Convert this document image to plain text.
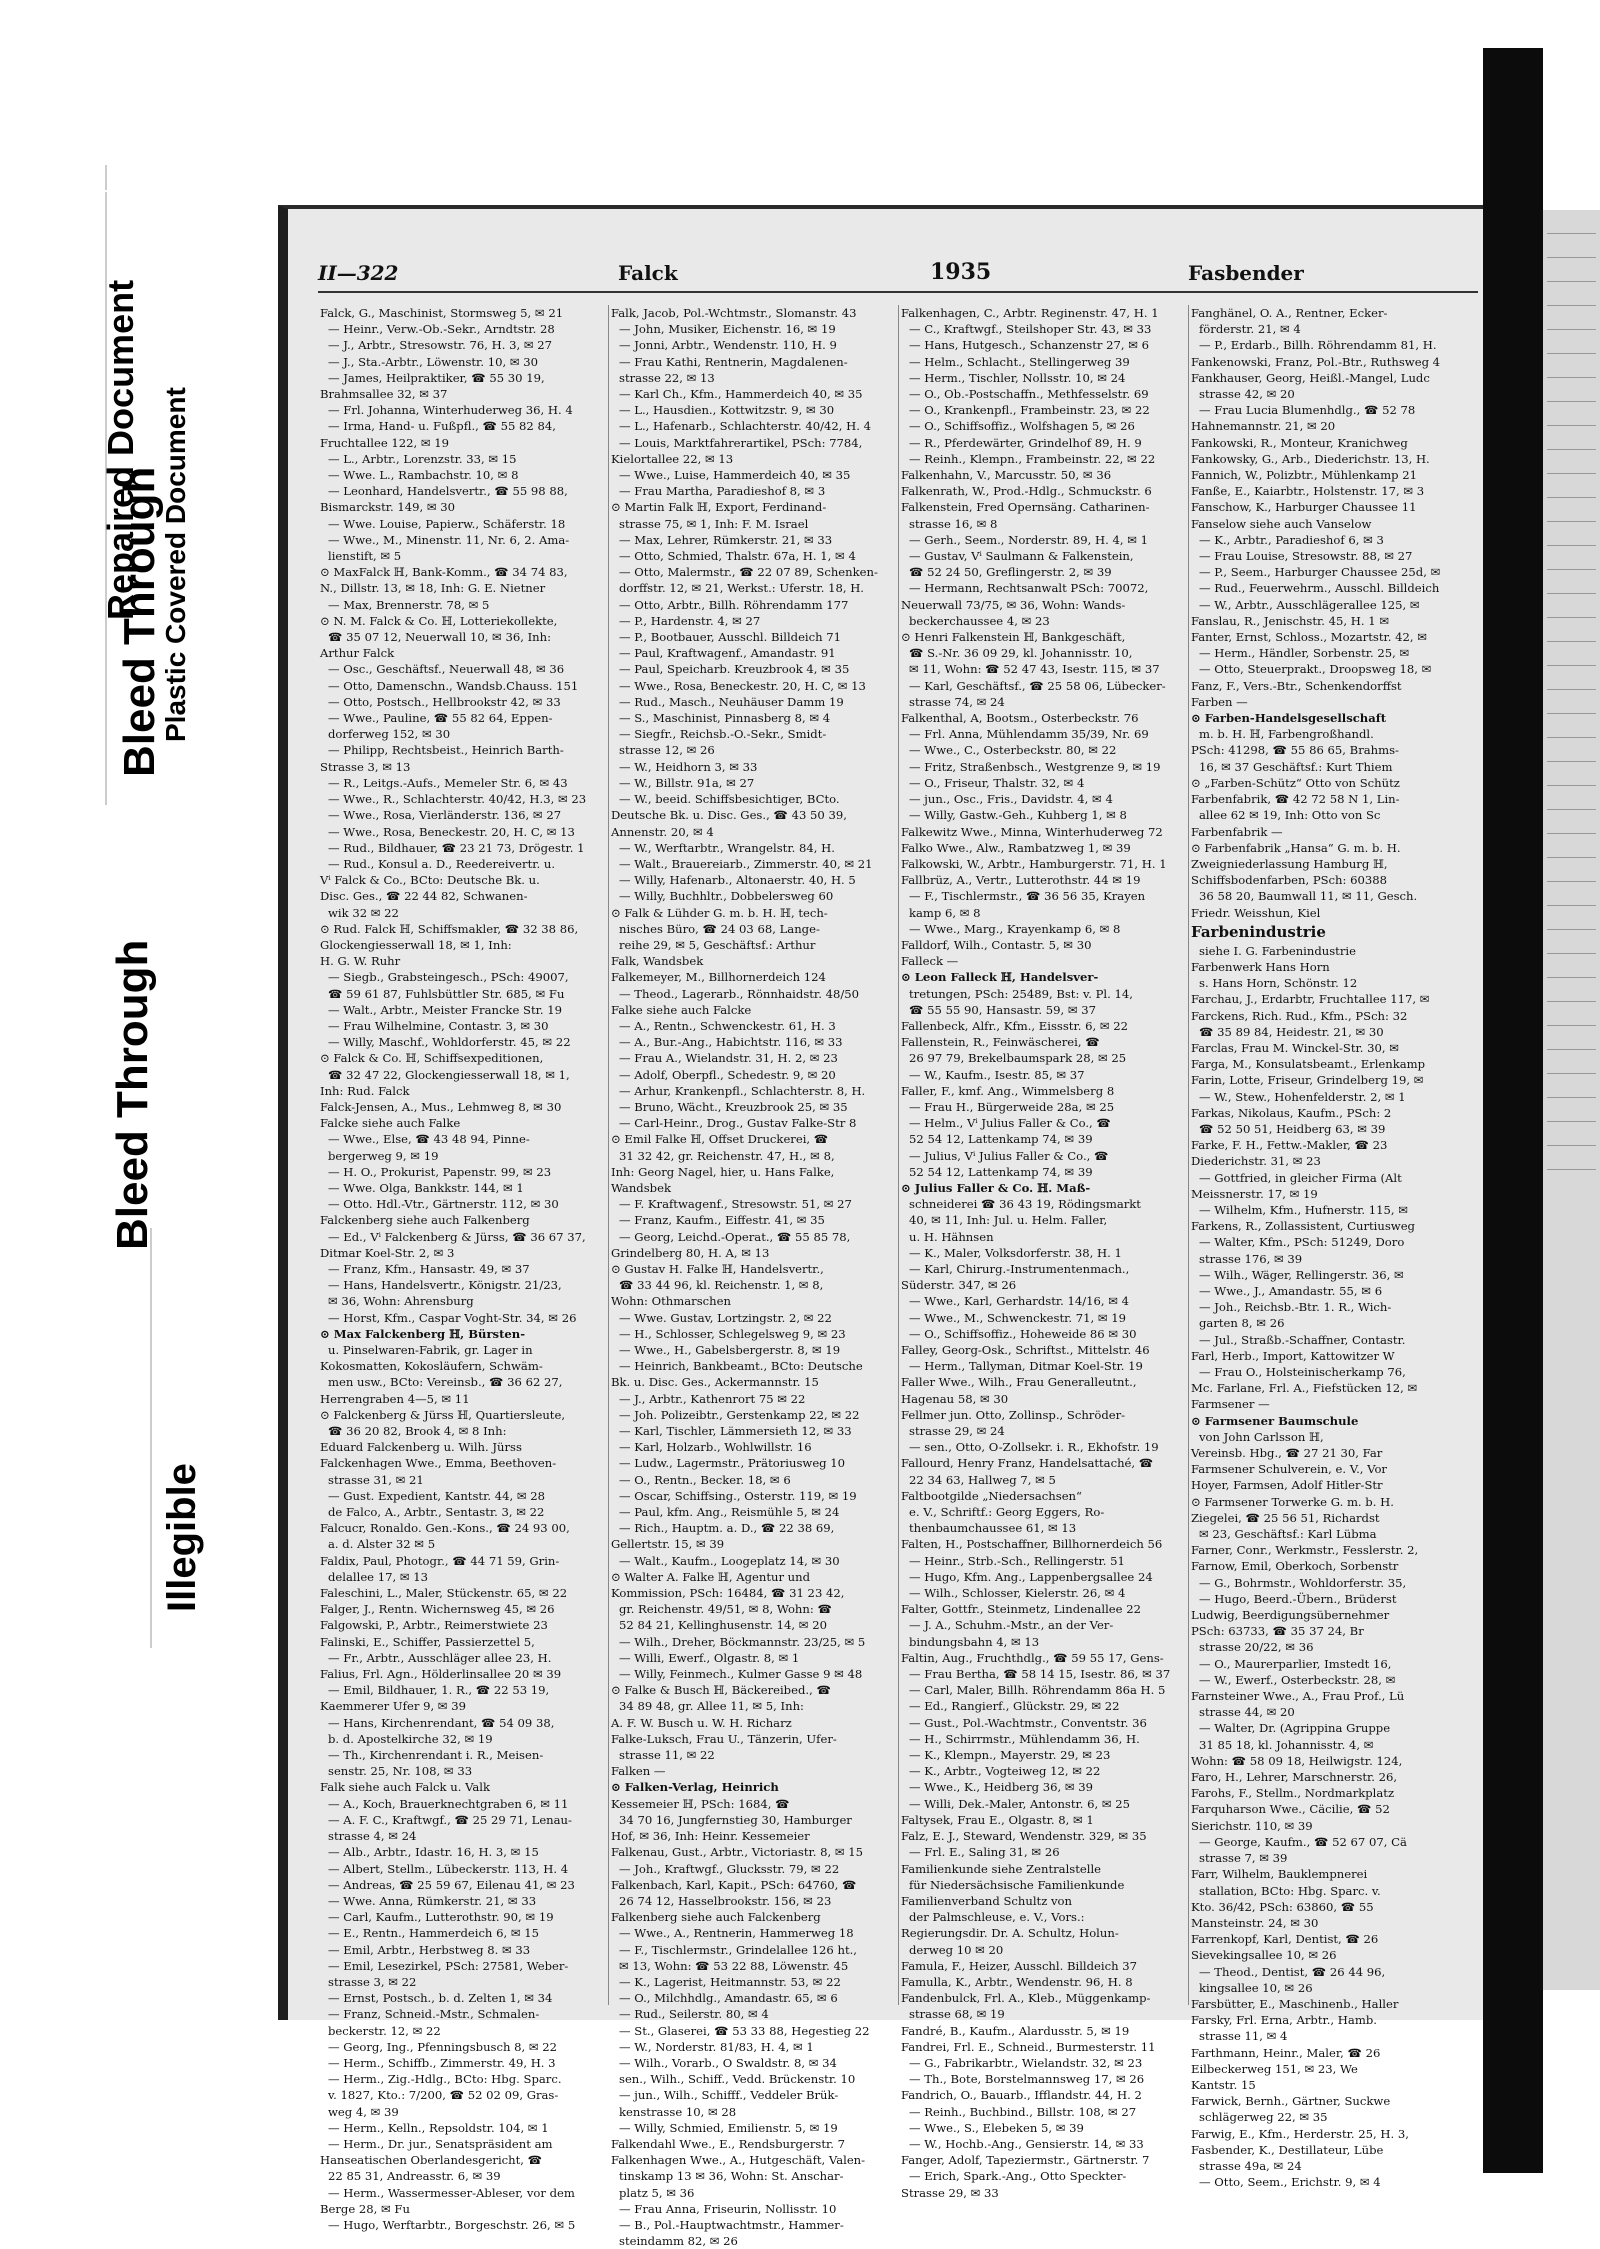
Bleed Through
Repaired Document Plastic Covered Document
Bleed Through
Illegible
II—322	Falck	1935	Fasbender
Falck, G., Maschinist, Stormsweg 5, ✉ 21
— Heinr., Verw.-Ob.-Sekr., Arndtstr. 28
— J., Arbtr., Stresowstr. 76, H. 3, ✉ 27
— J., Sta.-Arbtr., Löwenstr. 10, ✉ 30
— James, Heilpraktiker, ☎ 55 30 19,
Brahmsallee 32, ✉ 37
— Frl. Johanna, Winterhuderweg 36, H. 4
— Irma, Hand- u. Fußpfl., ☎ 55 82 84,
Fruchtallee 122, ✉ 19
— L., Arbtr., Lorenzstr. 33, ✉ 15
— Wwe. L., Rambachstr. 10, ✉ 8
— Leonhard, Handelsvertr., ☎ 55 98 88,
Bismarckstr. 149, ✉ 30
— Wwe. Louise, Papierw., Schäferstr. 18
— Wwe., M., Minenstr. 11, Nr. 6, 2. Ama-
lienstift, ✉ 5
⊙ MaxFalck ℍ, Bank-Komm., ☎ 34 74 83,
N., Dillstr. 13, ✉ 18, Inh: G. E. Nietner
— Max, Brennerstr. 78, ✉ 5
⊙ N. M. Falck & Co. ℍ, Lotteriekollekte,
☎ 35 07 12, Neuerwall 10, ✉ 36, Inh:
Arthur Falck
— Osc., Geschäftsf., Neuerwall 48, ✉ 36
— Otto, Damenschn., Wandsb.Chauss. 151
— Otto, Postsch., Hellbrookstr 42, ✉ 33
— Wwe., Pauline, ☎ 55 82 64, Eppen-
dorferweg 152, ✉ 30
— Philipp, Rechtsbeist., Heinrich Barth-
Strasse 3, ✉ 13
— R., Leitgs.-Aufs., Memeler Str. 6, ✉ 43
— Wwe., R., Schlachterstr. 40/42, H.3, ✉ 23
— Wwe., Rosa, Vierländerstr. 136, ✉ 27
— Wwe., Rosa, Beneckestr. 20, H. C, ✉ 13
— Rud., Bildhauer, ☎ 23 21 73, Drögestr. 1
— Rud., Konsul a. D., Reedereivertr. u.
Vⁱ Falck & Co., BCto: Deutsche Bk. u.
Disc. Ges., ☎ 22 44 82, Schwanen-
wik 32 ✉ 22
⊙ Rud. Falck ℍ, Schiffsmakler, ☎ 32 38 86,
Glockengiesserwall 18, ✉ 1, Inh:
H. G. W. Ruhr
— Siegb., Grabsteingesch., PSch: 49007,
☎ 59 61 87, Fuhlsbüttler Str. 685, ✉ Fu
— Walt., Arbtr., Meister Francke Str. 19
— Frau Wilhelmine, Contastr. 3, ✉ 30
— Willy, Maschf., Wohldorferstr. 45, ✉ 22
⊙ Falck & Co. ℍ, Schiffsexpeditionen,
☎ 32 47 22, Glockengiesserwall 18, ✉ 1,
Inh: Rud. Falck
Falck-Jensen, A., Mus., Lehmweg 8, ✉ 30
Falcke siehe auch Falke
— Wwe., Else, ☎ 43 48 94, Pinne-
bergerweg 9, ✉ 19
— H. O., Prokurist, Papenstr. 99, ✉ 23
— Wwe. Olga, Bankkstr. 144, ✉ 1
— Otto. Hdl.-Vtr., Gärtnerstr. 112, ✉ 30
Falckenberg siehe auch Falkenberg
— Ed., Vⁱ Falckenberg & Jürss, ☎ 36 67 37,
Ditmar Koel-Str. 2, ✉ 3
— Franz, Kfm., Hansastr. 49, ✉ 37
— Hans, Handelsvertr., Königstr. 21/23,
✉ 36, Wohn: Ahrensburg
— Horst, Kfm., Caspar Voght-Str. 34, ✉ 26
⊙ Max Falckenberg ℍ, Bürsten-
u. Pinselwaren-Fabrik, gr. Lager in
Kokosmatten, Kokosläufern, Schwäm-
men usw., BCto: Vereinsb., ☎ 36 62 27,
Herrengraben 4—5, ✉ 11
⊙ Falckenberg & Jürss ℍ, Quartiersleute,
☎ 36 20 82, Brook 4, ✉ 8 Inh:
Eduard Falckenberg u. Wilh. Jürss
Falckenhagen Wwe., Emma, Beethoven-
strasse 31, ✉ 21
— Gust. Expedient, Kantstr. 44, ✉ 28
de Falco, A., Arbtr., Sentastr. 3, ✉ 22
Falcucr, Ronaldo. Gen.-Kons., ☎ 24 93 00,
a. d. Alster 32 ✉ 5
Faldix, Paul, Photogr., ☎ 44 71 59, Grin-
delallee 17, ✉ 13
Faleschini, L., Maler, Stückenstr. 65, ✉ 22
Falger, J., Rentn. Wichernsweg 45, ✉ 26
Falgowski, P., Arbtr., Reimerstwiete 23
Falinski, E., Schiffer, Passierzettel 5,
— Fr., Arbtr., Ausschläger allee 23, H.
Falius, Frl. Agn., Hölderlinsallee 20 ✉ 39
— Emil, Bildhauer, 1. R., ☎ 22 53 19,
Kaemmerer Ufer 9, ✉ 39
— Hans, Kirchenrendant, ☎ 54 09 38,
b. d. Apostelkirche 32, ✉ 19
— Th., Kirchenrendant i. R., Meisen-
senstr. 25, Nr. 108, ✉ 33
Falk siehe auch Falck u. Valk
— A., Koch, Brauerknechtgraben 6, ✉ 11
— A. F. C., Kraftwgf., ☎ 25 29 71, Lenau-
strasse 4, ✉ 24
— Alb., Arbtr., Idastr. 16, H. 3, ✉ 15
— Albert, Stellm., Lübeckerstr. 113, H. 4
— Andreas, ☎ 25 59 67, Eilenau 41, ✉ 23
— Wwe. Anna, Rümkerstr. 21, ✉ 33
— Carl, Kaufm., Lutterothstr. 90, ✉ 19
— E., Rentn., Hammerdeich 6, ✉ 15
— Emil, Arbtr., Herbstweg 8. ✉ 33
— Emil, Lesezirkel, PSch: 27581, Weber-
strasse 3, ✉ 22
— Ernst, Postsch., b. d. Zelten 1, ✉ 34
— Franz, Schneid.-Mstr., Schmalen-
beckerstr. 12, ✉ 22
— Georg, Ing., Pfenningsbusch 8, ✉ 22
— Herm., Schiffb., Zimmerstr. 49, H. 3
— Herm., Zig.-Hdlg., BCto: Hbg. Sparc.
v. 1827, Kto.: 7/200, ☎ 52 02 09, Gras-
weg 4, ✉ 39
— Herm., Kelln., Repsoldstr. 104, ✉ 1
— Herm., Dr. jur., Senatspräsident am
Hanseatischen Oberlandesgericht, ☎
22 85 31, Andreasstr. 6, ✉ 39
— Herm., Wassermesser-Ableser, vor dem
Berge 28, ✉ Fu
— Hugo, Werftarbtr., Borgeschstr. 26, ✉ 5
Falk, Jacob, Pol.-Wchtmstr., Slomanstr. 43
— John, Musiker, Eichenstr. 16, ✉ 19
— Jonni, Arbtr., Wendenstr. 110, H. 9
— Frau Kathi, Rentnerin, Magdalenen-
strasse 22, ✉ 13
— Karl Ch., Kfm., Hammerdeich 40, ✉ 35
— L., Hausdien., Kottwitzstr. 9, ✉ 30
— L., Hafenarb., Schlachterstr. 40/42, H. 4
— Louis, Marktfahrerartikel, PSch: 7784,
Kielortallee 22, ✉ 13
— Wwe., Luise, Hammerdeich 40, ✉ 35
— Frau Martha, Paradieshof 8, ✉ 3
⊙ Martin Falk ℍ, Export, Ferdinand-
strasse 75, ✉ 1, Inh: F. M. Israel
— Max, Lehrer, Rümkerstr. 21, ✉ 33
— Otto, Schmied, Thalstr. 67a, H. 1, ✉ 4
— Otto, Malermstr., ☎ 22 07 89, Schenken-
dorffstr. 12, ✉ 21, Werkst.: Uferstr. 18, H.
— Otto, Arbtr., Billh. Röhrendamm 177
— P., Hardenstr. 4, ✉ 27
— P., Bootbauer, Ausschl. Billdeich 71
— Paul, Kraftwagenf., Amandastr. 91
— Paul, Speicharb. Kreuzbrook 4, ✉ 35
— Wwe., Rosa, Beneckestr. 20, H. C, ✉ 13
— Rud., Masch., Neuhäuser Damm 19
— S., Maschinist, Pinnasberg 8, ✉ 4
— Siegfr., Reichsb.-O.-Sekr., Smidt-
strasse 12, ✉ 26
— W., Heidhorn 3, ✉ 33
— W., Billstr. 91a, ✉ 27
— W., beeid. Schiffsbesichtiger, BCto.
Deutsche Bk. u. Disc. Ges., ☎ 43 50 39,
Annenstr. 20, ✉ 4
— W., Werftarbtr., Wrangelstr. 84, H.
— Walt., Brauereiarb., Zimmerstr. 40, ✉ 21
— Willy, Hafenarb., Altonaerstr. 40, H. 5
— Willy, Buchhltr., Dobbelersweg 60
⊙ Falk & Lühder G. m. b. H. ℍ, tech-
nisches Büro, ☎ 24 03 68, Lange-
reihe 29, ✉ 5, Geschäftsf.: Arthur
Falk, Wandsbek
Falkemeyer, M., Billhornerdeich 124
— Theod., Lagerarb., Rönnhaidstr. 48/50
Falke siehe auch Falcke
— A., Rentn., Schwenckestr. 61, H. 3
— A., Bur.-Ang., Habichtstr. 116, ✉ 33
— Frau A., Wielandstr. 31, H. 2, ✉ 23
— Adolf, Oberpfl., Schedestr. 9, ✉ 20
— Arhur, Krankenpfl., Schlachterstr. 8, H.
— Bruno, Wächt., Kreuzbrook 25, ✉ 35
— Carl-Heinr., Drog., Gustav Falke-Str 8
⊙ Emil Falke ℍ, Offset Druckerei, ☎
31 32 42, gr. Reichenstr. 47, H., ✉ 8,
Inh: Georg Nagel, hier, u. Hans Falke,
Wandsbek
— F. Kraftwagenf., Stresowstr. 51, ✉ 27
— Franz, Kaufm., Eiffestr. 41, ✉ 35
— Georg, Leichd.-Operat., ☎ 55 85 78,
Grindelberg 80, H. A, ✉ 13
⊙ Gustav H. Falke ℍ, Handelsvertr.,
☎ 33 44 96, kl. Reichenstr. 1, ✉ 8,
Wohn: Othmarschen
— Wwe. Gustav, Lortzingstr. 2, ✉ 22
— H., Schlosser, Schlegelsweg 9, ✉ 23
— Wwe., H., Gabelsbergerstr. 8, ✉ 19
— Heinrich, Bankbeamt., BCto: Deutsche
Bk. u. Disc. Ges., Ackermannstr. 15
— J., Arbtr., Kathenrort 75 ✉ 22
— Joh. Polizeibtr., Gerstenkamp 22, ✉ 22
— Karl, Tischler, Lämmersieth 12, ✉ 33
— Karl, Holzarb., Wohlwillstr. 16
— Ludw., Lagermstr., Prätoriusweg 10
— O., Rentn., Becker. 18, ✉ 6
— Oscar, Schiffsing., Osterstr. 119, ✉ 19
— Paul, kfm. Ang., Reismühle 5, ✉ 24
— Rich., Hauptm. a. D., ☎ 22 38 69,
Gellertstr. 15, ✉ 39
— Walt., Kaufm., Loogeplatz 14, ✉ 30
⊙ Walter A. Falke ℍ, Agentur und
Kommission, PSch: 16484, ☎ 31 23 42,
gr. Reichenstr. 49/51, ✉ 8, Wohn: ☎
52 84 21, Kellinghusenstr. 14, ✉ 20
— Wilh., Dreher, Böckmannstr. 23/25, ✉ 5
— Willi, Ewerf., Olgastr. 8, ✉ 1
— Willy, Feinmech., Kulmer Gasse 9 ✉ 48
⊙ Falke & Busch ℍ, Bäckereibed., ☎
34 89 48, gr. Allee 11, ✉ 5, Inh:
A. F. W. Busch u. W. H. Richarz
Falke-Luksch, Frau U., Tänzerin, Ufer-
strasse 11, ✉ 22
Falken —
⊙ Falken-Verlag, Heinrich
Kessemeier ℍ, PSch: 1684, ☎
34 70 16, Jungfernstieg 30, Hamburger
Hof, ✉ 36, Inh: Heinr. Kessemeier
Falkenau, Gust., Arbtr., Victoriastr. 8, ✉ 15
— Joh., Kraftwgf., Glucksstr. 79, ✉ 22
Falkenbach, Karl, Kapit., PSch: 64760, ☎
26 74 12, Hasselbrookstr. 156, ✉ 23
Falkenberg siehe auch Falckenberg
— Wwe., A., Rentnerin, Hammerweg 18
— F., Tischlermstr., Grindelallee 126 ht.,
✉ 13, Wohn: ☎ 53 22 88, Löwenstr. 45
— K., Lagerist, Heitmannstr. 53, ✉ 22
— O., Milchhdlg., Amandastr. 65, ✉ 6
— Rud., Seilerstr. 80, ✉ 4
— St., Glaserei, ☎ 53 33 88, Hegestieg 22
— W., Norderstr. 81/83, H. 4, ✉ 1
— Wilh., Vorarb., O Swaldstr. 8, ✉ 34
sen., Wilh., Schiff., Vedd. Brückenstr. 10
— jun., Wilh., Schifff., Veddeler Brük-
kenstrasse 10, ✉ 28
— Willy, Schmied, Emilienstr. 5, ✉ 19
Falkendahl Wwe., E., Rendsburgerstr. 7
Falkenhagen Wwe., A., Hutgeschäft, Valen-
tinskamp 13 ✉ 36, Wohn: St. Anschar-
platz 5, ✉ 36
— Frau Anna, Friseurin, Nollisstr. 10
— B., Pol.-Hauptwachtmstr., Hammer-
steindamm 82, ✉ 26
Falkenhagen, C., Arbtr. Reginenstr. 47, H. 1
— C., Kraftwgf., Steilshoper Str. 43, ✉ 33
— Hans, Hutgesch., Schanzenstr 27, ✉ 6
— Helm., Schlacht., Stellingerweg 39
— Herm., Tischler, Nollsstr. 10, ✉ 24
— O., Ob.-Postschaffn., Methfesselstr. 69
— O., Krankenpfl., Frambeinstr. 23, ✉ 22
— O., Schiffsoffiz., Wolfshagen 5, ✉ 26
— R., Pferdewärter, Grindelhof 89, H. 9
— Reinh., Klempn., Frambeinstr. 22, ✉ 22
Falkenhahn, V., Marcusstr. 50, ✉ 36
Falkenrath, W., Prod.-Hdlg., Schmuckstr. 6
Falkenstein, Fred Opernsäng. Catharinen-
strasse 16, ✉ 8
— Gerh., Seem., Norderstr. 89, H. 4, ✉ 1
— Gustav, Vⁱ Saulmann & Falkenstein,
☎ 52 24 50, Greflingerstr. 2, ✉ 39
— Hermann, Rechtsanwalt PSch: 70072,
Neuerwall 73/75, ✉ 36, Wohn: Wands-
beckerchaussee 4, ✉ 23
⊙ Henri Falkenstein ℍ, Bankgeschäft,
☎ S.-Nr. 36 09 29, kl. Johannisstr. 10,
✉ 11, Wohn: ☎ 52 47 43, Isestr. 115, ✉ 37
— Karl, Geschäftsf., ☎ 25 58 06, Lübecker-
strasse 74, ✉ 24
Falkenthal, A, Bootsm., Osterbeckstr. 76
— Frl. Anna, Mühlendamm 35/39, Nr. 69
— Wwe., C., Osterbeckstr. 80, ✉ 22
— Fritz, Straßenbsch., Westgrenze 9, ✉ 19
— O., Friseur, Thalstr. 32, ✉ 4
— jun., Osc., Fris., Davidstr. 4, ✉ 4
— Willy, Gastw.-Geh., Kuhberg 1, ✉ 8
Falkewitz Wwe., Minna, Winterhuderweg 72
Falko Wwe., Alw., Rambatzweg 1, ✉ 39
Falkowski, W., Arbtr., Hamburgerstr. 71, H. 1
Fallbrüz, A., Vertr., Lutterothstr. 44 ✉ 19
— F., Tischlermstr., ☎ 36 56 35, Krayen
kamp 6, ✉ 8
— Wwe., Marg., Krayenkamp 6, ✉ 8
Falldorf, Wilh., Contastr. 5, ✉ 30
Falleck —
⊙ Leon Falleck ℍ, Handelsver-
tretungen, PSch: 25489, Bst: v. Pl. 14,
☎ 55 55 90, Hansastr. 59, ✉ 37
Fallenbeck, Alfr., Kfm., Eissstr. 6, ✉ 22
Fallenstein, R., Feinwäscherei, ☎
26 97 79, Brekelbaumspark 28, ✉ 25
— W., Kaufm., Isestr. 85, ✉ 37
Faller, F., kmf. Ang., Wimmelsberg 8
— Frau H., Bürgerweide 28a, ✉ 25
— Helm., Vⁱ Julius Faller & Co., ☎
52 54 12, Lattenkamp 74, ✉ 39
— Julius, Vⁱ Julius Faller & Co., ☎
52 54 12, Lattenkamp 74, ✉ 39
⊙ Julius Faller & Co. ℍ. Maß-
schneiderei ☎ 36 43 19, Rödingsmarkt
40, ✉ 11, Inh: Jul. u. Helm. Faller,
u. H. Hähnsen
— K., Maler, Volksdorferstr. 38, H. 1
— Karl, Chirurg.-Instrumentenmach.,
Süderstr. 347, ✉ 26
— Wwe., Karl, Gerhardstr. 14/16, ✉ 4
— Wwe., M., Schwenckestr. 71, ✉ 19
— O., Schiffsoffiz., Hoheweide 86 ✉ 30
Falley, Georg-Osk., Schriftst., Mittelstr. 46
— Herm., Tallyman, Ditmar Koel-Str. 19
Faller Wwe., Wilh., Frau Generalleutnt.,
Hagenau 58, ✉ 30
Fellmer jun. Otto, Zollinsp., Schröder-
strasse 29, ✉ 24
— sen., Otto, O-Zollsekr. i. R., Ekhofstr. 19
Fallourd, Henry Franz, Handelsattaché, ☎
22 34 63, Hallweg 7, ✉ 5
Faltbootgilde „Niedersachsen“
e. V., Schriftf.: Georg Eggers, Ro-
thenbaumchaussee 61, ✉ 13
Falten, H., Postschaffner, Billhornerdeich 56
— Heinr., Strb.-Sch., Rellingerstr. 51
— Hugo, Kfm. Ang., Lappenbergsallee 24
— Wilh., Schlosser, Kielerstr. 26, ✉ 4
Falter, Gottfr., Steinmetz, Lindenallee 22
— J. A., Schuhm.-Mstr., an der Ver-
bindungsbahn 4, ✉ 13
Faltin, Aug., Fruchthdlg., ☎ 59 55 17, Gens-
— Frau Bertha, ☎ 58 14 15, Isestr. 86, ✉ 37
— Carl, Maler, Billh. Röhrendamm 86a H. 5
— Ed., Rangierf., Glückstr. 29, ✉ 22
— Gust., Pol.-Wachtmstr., Conventstr. 36
— H., Schirrmstr., Mühlendamm 36, H.
— K., Klempn., Mayerstr. 29, ✉ 23
— K., Arbtr., Vogteiweg 12, ✉ 22
— Wwe., K., Heidberg 36, ✉ 39
— Willi, Dek.-Maler, Antonstr. 6, ✉ 25
Faltysek, Frau E., Olgastr. 8, ✉ 1
Falz, E. J., Steward, Wendenstr. 329, ✉ 35
— Frl. E., Saling 31, ✉ 26
Familienkunde siehe Zentralstelle
für Niedersächsische Familienkunde
Familienverband Schultz von
der Palmschleuse, e. V., Vors.:
Regierungsdir. Dr. A. Schultz, Holun-
derweg 10 ✉ 20
Famula, F., Heizer, Ausschl. Billdeich 37
Famulla, K., Arbtr., Wendenstr. 96, H. 8
Fandenbulck, Frl. A., Kleb., Müggenkamp-
strasse 68, ✉ 19
Fandré, B., Kaufm., Alardusstr. 5, ✉ 19
Fandrei, Frl. E., Schneid., Burmesterstr. 11
— G., Fabrikarbtr., Wielandstr. 32, ✉ 23
— Th., Bote, Borstelmannsweg 17, ✉ 26
Fandrich, O., Bauarb., Ifflandstr. 44, H. 2
— Reinh., Buchbind., Billstr. 108, ✉ 27
— Wwe., S., Elebeken 5, ✉ 39
— W., Hochb.-Ang., Gensierstr. 14, ✉ 33
Fanger, Adolf, Tapeziermstr., Gärtnerstr. 7
— Erich, Spark.-Ang., Otto Speckter-
Strasse 29, ✉ 33
Fanghänel, O. A., Rentner, Ecker-
förderstr. 21, ✉ 4
— P., Erdarb., Billh. Röhrendamm 81, H.
Fankenowski, Franz, Pol.-Btr., Ruthsweg 4
Fankhauser, Georg, Heißl.-Mangel, Ludc
strasse 42, ✉ 20
— Frau Lucia Blumenhdlg., ☎ 52 78
Hahnemannstr. 21, ✉ 20
Fankowski, R., Monteur, Kranichweg
Fankowsky, G., Arb., Diederichstr. 13, H.
Fannich, W., Polizbtr., Mühlenkamp 21
Fanße, E., Kaiarbtr., Holstenstr. 17, ✉ 3
Fanschow, K., Harburger Chaussee 11
Fanselow siehe auch Vanselow
— K., Arbtr., Paradieshof 6, ✉ 3
— Frau Louise, Stresowstr. 88, ✉ 27
— P., Seem., Harburger Chaussee 25d, ✉
— Rud., Feuerwehrm., Ausschl. Billdeich
— W., Arbtr., Ausschlägerallee 125, ✉
Fanslau, R., Jenischstr. 45, H. 1 ✉
Fanter, Ernst, Schloss., Mozartstr. 42, ✉
— Herm., Händler, Sorbenstr. 25, ✉
— Otto, Steuerprakt., Droopsweg 18, ✉
Fanz, F., Vers.-Btr., Schenkendorffst
Farben —
⊙ Farben-Handelsgesellschaft
m. b. H. ℍ, Farbengroßhandl.
PSch: 41298, ☎ 55 86 65, Brahms-
16, ✉ 37 Geschäftsf.: Kurt Thiem
⊙ „Farben-Schütz“ Otto von Schütz
Farbenfabrik, ☎ 42 72 58 N 1, Lin-
allee 62 ✉ 19, Inh: Otto von Sc
Farbenfabrik —
⊙ Farbenfabrik „Hansa“ G. m. b. H.
Zweigniederlassung Hamburg ℍ,
Schiffsbodenfarben, PSch: 60388
36 58 20, Baumwall 11, ✉ 11, Gesch.
Friedr. Weisshun, Kiel
Farbenindustrie
siehe I. G. Farbenindustrie
Farbenwerk Hans Horn
s. Hans Horn, Schönstr. 12
Farchau, J., Erdarbtr, Fruchtallee 117, ✉
Farckens, Rich. Rud., Kfm., PSch: 32
☎ 35 89 84, Heidestr. 21, ✉ 30
Farclas, Frau M. Winckel-Str. 30, ✉
Farga, M., Konsulatsbeamt., Erlenkamp
Farin, Lotte, Friseur, Grindelberg 19, ✉
— W., Stew., Hohenfelderstr. 2, ✉ 1
Farkas, Nikolaus, Kaufm., PSch: 2
☎ 52 50 51, Heidberg 63, ✉ 39
Farke, F. H., Fettw.-Makler, ☎ 23
Diederichstr. 31, ✉ 23
— Gottfried, in gleicher Firma (Alt
Meissnerstr. 17, ✉ 19
— Wilhelm, Kfm., Hufnerstr. 115, ✉
Farkens, R., Zollassistent, Curtiusweg
— Walter, Kfm., PSch: 51249, Doro
strasse 176, ✉ 39
— Wilh., Wäger, Rellingerstr. 36, ✉
— Wwe., J., Amandastr. 55, ✉ 6
— Joh., Reichsb.-Btr. 1. R., Wich-
garten 8, ✉ 26
— Jul., Straßb.-Schaffner, Contastr.
Farl, Herb., Import, Kattowitzer W
— Frau O., Holsteinischerkamp 76,
Mc. Farlane, Frl. A., Fiefstücken 12, ✉
Farmsener —
⊙ Farmsener Baumschule
von John Carlsson ℍ,
Vereinsb. Hbg., ☎ 27 21 30, Far
Farmsener Schulverein, e. V., Vor
Hoyer, Farmsen, Adolf Hitler-Str
⊙ Farmsener Torwerke G. m. b. H.
Ziegelei, ☎ 25 56 51, Richardst
✉ 23, Geschäftsf.: Karl Lübma
Farner, Conr., Werkmstr., Fesslerstr. 2,
Farnow, Emil, Oberkoch, Sorbenstr
— G., Bohrmstr., Wohldorferstr. 35,
— Hugo, Beerd.-Übern., Brüderst
Ludwig, Beerdigungsübernehmer
PSch: 63733, ☎ 35 37 24, Br
strasse 20/22, ✉ 36
— O., Maurerparlier, Imstedt 16,
— W., Ewerf., Osterbeckstr. 28, ✉
Farnsteiner Wwe., A., Frau Prof., Lü
strasse 44, ✉ 20
— Walter, Dr. (Agrippina Gruppe
31 85 18, kl. Johannisstr. 4, ✉
Wohn: ☎ 58 09 18, Heilwigstr. 124,
Faro, H., Lehrer, Marschnerstr. 26,
Farohs, F., Stellm., Nordmarkplatz
Farquharson Wwe., Cäcilie, ☎ 52
Sierichstr. 110, ✉ 39
— George, Kaufm., ☎ 52 67 07, Cä
strasse 7, ✉ 39
Farr, Wilhelm, Bauklempnerei
stallation, BCto: Hbg. Sparc. v.
Kto. 36/42, PSch: 63860, ☎ 55
Mansteinstr. 24, ✉ 30
Farrenkopf, Karl, Dentist, ☎ 26
Sievekingsallee 10, ✉ 26
— Theod., Dentist, ☎ 26 44 96,
kingsallee 10, ✉ 26
Farsbütter, E., Maschinenb., Haller
Farsky, Frl. Erna, Arbtr., Hamb.
strasse 11, ✉ 4
Farthmann, Heinr., Maler, ☎ 26
Eilbeckerweg 151, ✉ 23, We
Kantstr. 15
Farwick, Bernh., Gärtner, Suckwe
schlägerweg 22, ✉ 35
Farwig, E., Kfm., Herderstr. 25, H. 3,
Fasbender, K., Destillateur, Lübe
strasse 49a, ✉ 24
— Otto, Seem., Erichstr. 9, ✉ 4
